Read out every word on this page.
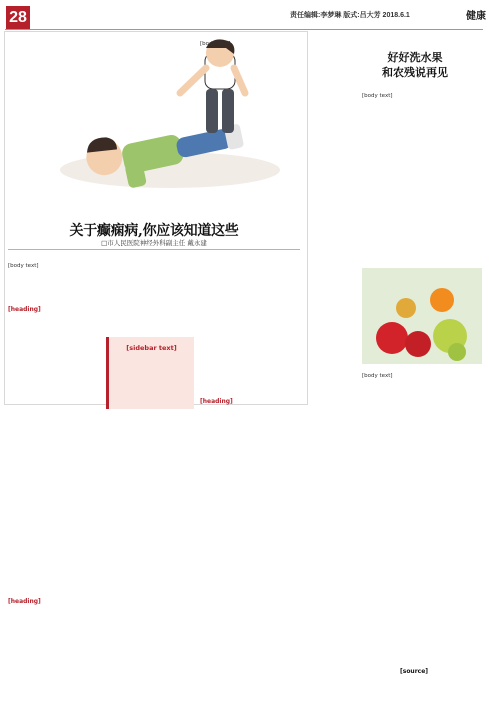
28	责任编辑:李梦琳 版式:吕大芳 2018.6.1	健康
关于癫痫病,你应该知道这些
□市人民医院神经外科副主任 戴永建
[heading]
[heading]
[heading]
[body text]
[body text]
[sidebar text]
好好洗水果
和农残说再见
[body text]
[body text]
[source]
